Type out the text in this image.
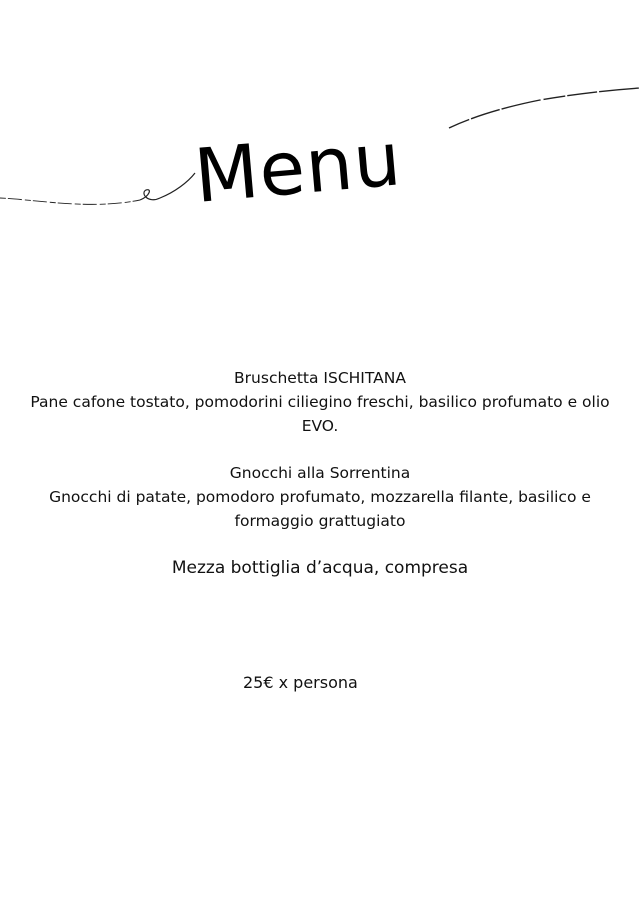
Menu
Bruschetta ISCHITANA
Pane cafone tostato, pomodorini ciliegino freschi, basilico profumato e olio EVO.
Gnocchi alla Sorrentina
Gnocchi di patate, pomodoro profumato, mozzarella filante, basilico e formaggio grattugiato
Mezza bottiglia d’acqua, compresa
25€ x persona
